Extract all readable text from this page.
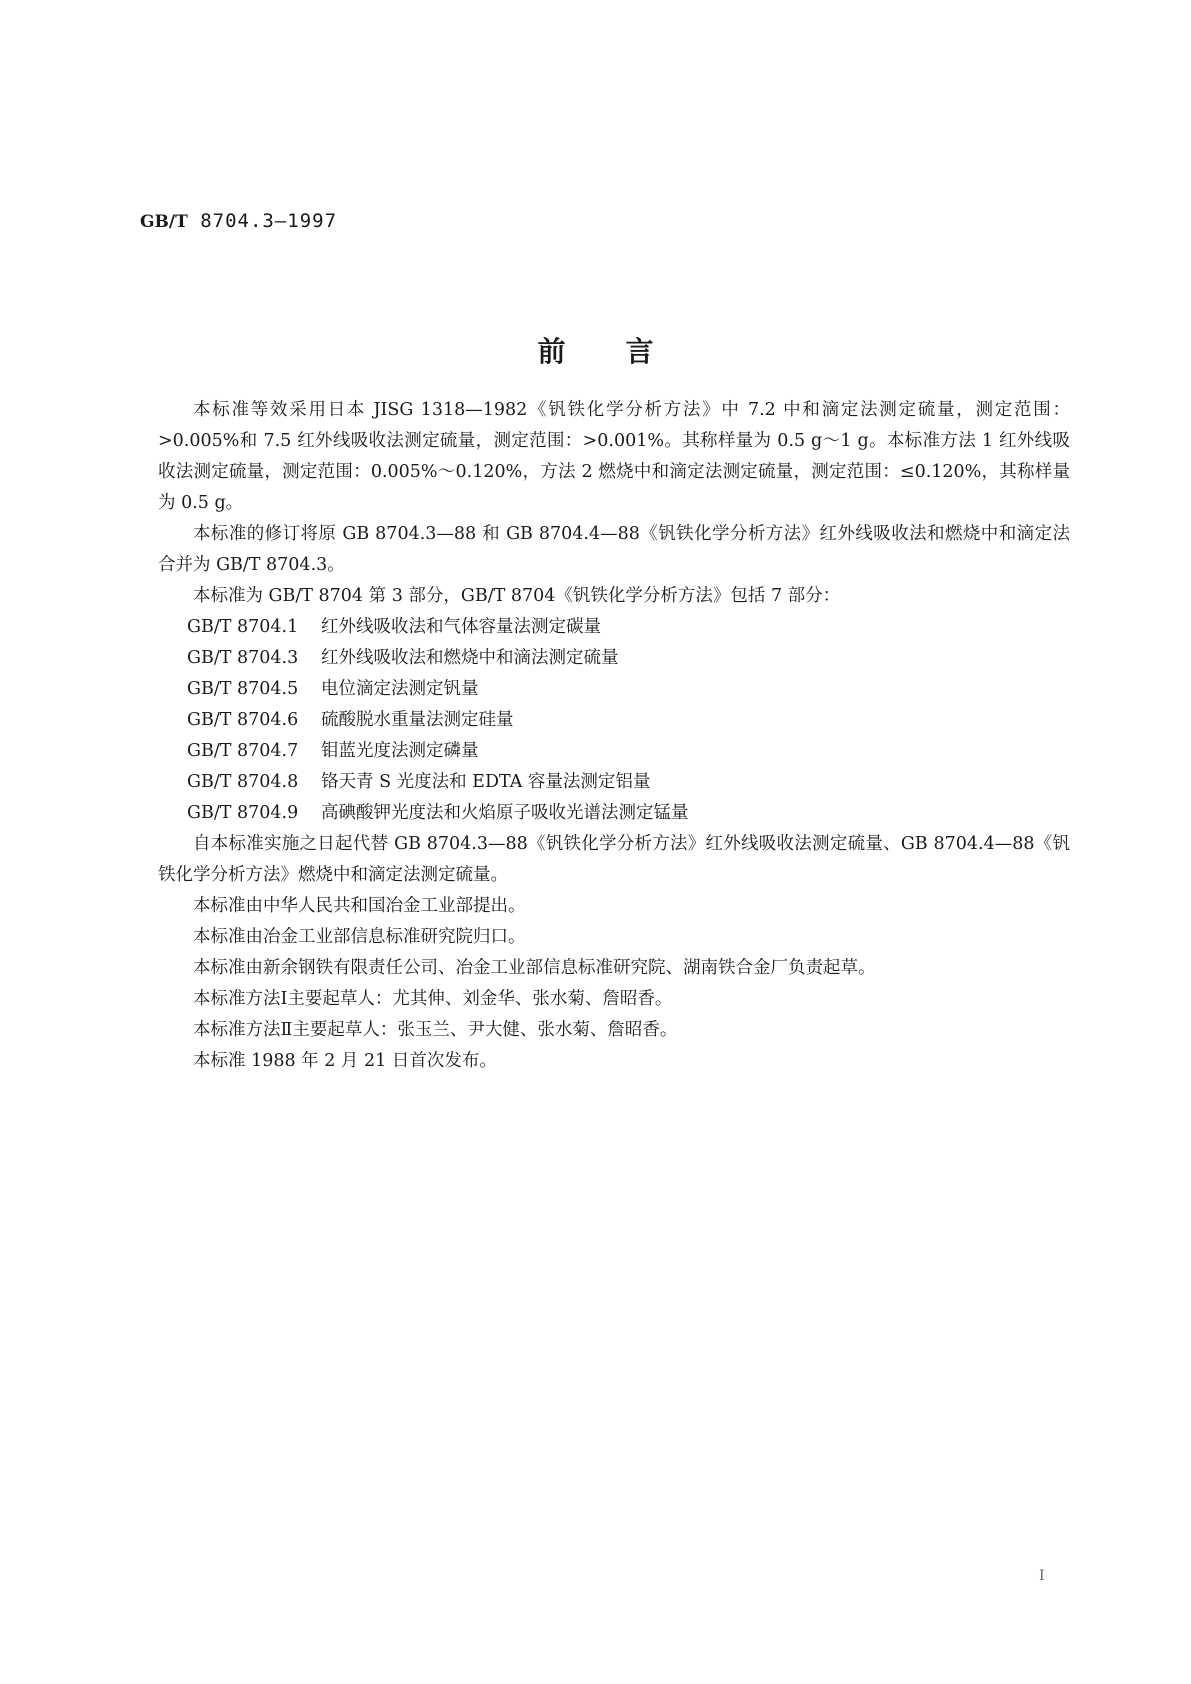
GB/T 8704.3—1997
前言

本标准等效采用日本 JISG 1318—1982《钒铁化学分析方法》中 7.2 中和滴定法测定硫量，测定范围：>0.005%和 7.5 红外线吸收法测定硫量，测定范围：>0.001%。其称样量为 0.5 g～1 g。本标准方法 1 红外线吸收法测定硫量，测定范围：0.005%～0.120%，方法 2 燃烧中和滴定法测定硫量，测定范围：≤0.120%，其称样量为 0.5 g。

本标准的修订将原 GB 8704.3—88 和 GB 8704.4—88《钒铁化学分析方法》红外线吸收法和燃烧中和滴定法合并为 GB/T 8704.3。

本标准为 GB/T 8704 第 3 部分，GB/T 8704《钒铁化学分析方法》包括 7 部分：

GB/T 8704.1	红外线吸收法和气体容量法测定碳量
GB/T 8704.3	红外线吸收法和燃烧中和滴法测定硫量
GB/T 8704.5	电位滴定法测定钒量
GB/T 8704.6	硫酸脱水重量法测定硅量
GB/T 8704.7	钼蓝光度法测定磷量
GB/T 8704.8	铬天青 S 光度法和 EDTA 容量法测定铝量
GB/T 8704.9	高碘酸钾光度法和火焰原子吸收光谱法测定锰量

自本标准实施之日起代替 GB 8704.3—88《钒铁化学分析方法》红外线吸收法测定硫量、GB 8704.4—88《钒铁化学分析方法》燃烧中和滴定法测定硫量。

本标准由中华人民共和国冶金工业部提出。

本标准由冶金工业部信息标准研究院归口。

本标准由新余钢铁有限责任公司、冶金工业部信息标准研究院、湖南铁合金厂负责起草。

本标准方法Ⅰ主要起草人：尤其伸、刘金华、张水菊、詹昭香。

本标准方法Ⅱ主要起草人：张玉兰、尹大健、张水菊、詹昭香。

本标准 1988 年 2 月 21 日首次发布。

I
